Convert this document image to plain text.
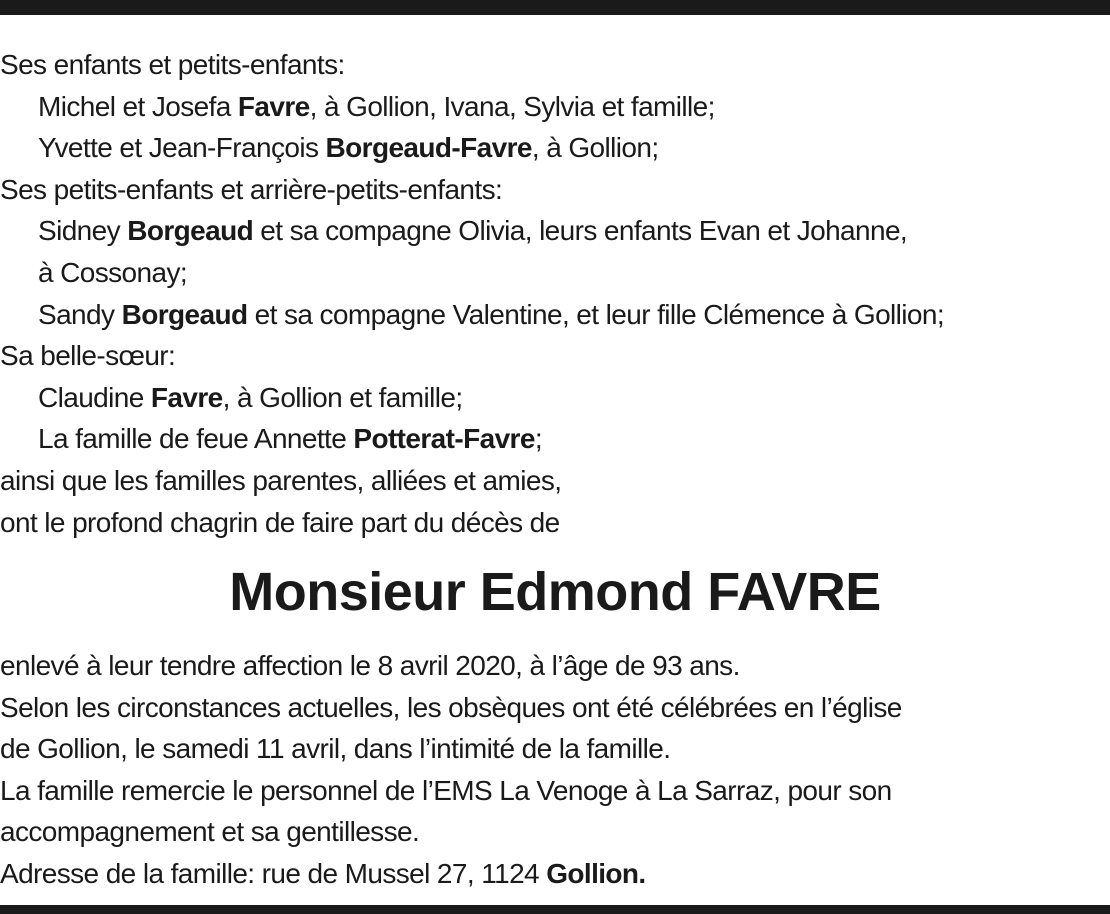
Ses enfants et petits-enfants:
Michel et Josefa Favre, à Gollion, Ivana, Sylvia et famille;
Yvette et Jean-François Borgeaud-Favre, à Gollion;
Ses petits-enfants et arrière-petits-enfants:
Sidney Borgeaud et sa compagne Olivia, leurs enfants Evan et Johanne,
à Cossonay;
Sandy Borgeaud et sa compagne Valentine, et leur fille Clémence à Gollion;
Sa belle-sœur:
Claudine Favre, à Gollion et famille;
La famille de feue Annette Potterat-Favre;
ainsi que les familles parentes, alliées et amies,
ont le profond chagrin de faire part du décès de
Monsieur Edmond FAVRE
enlevé à leur tendre affection le 8 avril 2020, à l’âge de 93 ans.
Selon les circonstances actuelles, les obsèques ont été célébrées en l’église
de Gollion, le samedi 11 avril, dans l’intimité de la famille.
La famille remercie le personnel de l’EMS La Venoge à La Sarraz, pour son
accompagnement et sa gentillesse.
Adresse de la famille: rue de Mussel 27, 1124 Gollion.
